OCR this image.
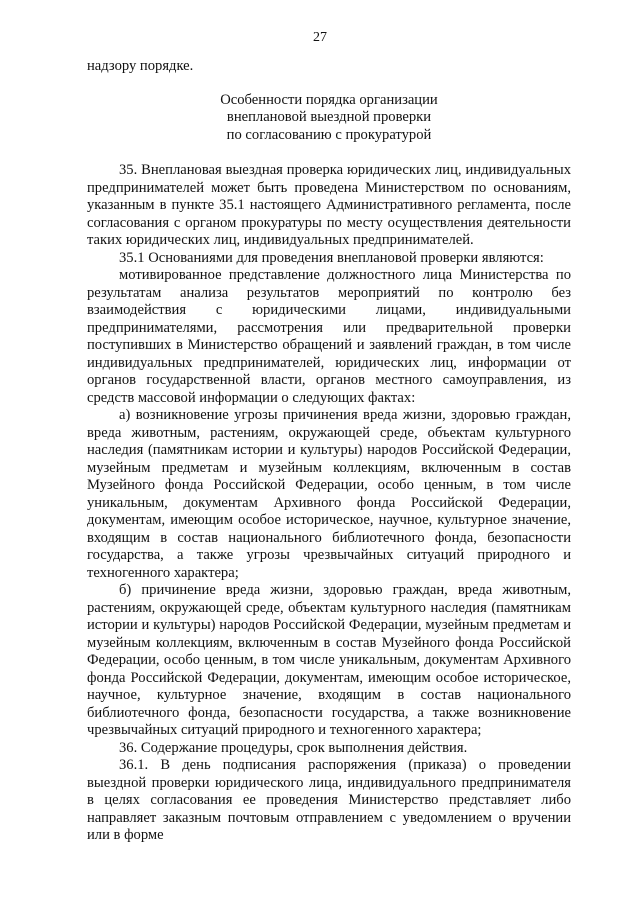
27

надзору порядке.

Особенности порядка организации
внеплановой выездной проверки
по согласованию с прокуратурой

35. Внеплановая выездная проверка юридических лиц, индивидуальных предпринимателей может быть проведена Министерством по основаниям, указанным в пункте 35.1 настоящего Административного регламента, после согласования с органом прокуратуры по месту осуществления деятельности таких юридических лиц, индивидуальных предпринимателей.

35.1 Основаниями для проведения внеплановой проверки являются:

мотивированное представление должностного лица Министерства по результатам анализа результатов мероприятий по контролю без взаимодействия с юридическими лицами, индивидуальными предпринимателями, рассмотрения или предварительной проверки поступивших в Министерство обращений и заявлений граждан, в том числе индивидуальных предпринимателей, юридических лиц, информации от органов государственной власти, органов местного самоуправления, из средств массовой информации о следующих фактах:

а) возникновение угрозы причинения вреда жизни, здоровью граждан, вреда животным, растениям, окружающей среде, объектам культурного наследия (памятникам истории и культуры) народов Российской Федерации, музейным предметам и музейным коллекциям, включенным в состав Музейного фонда Российской Федерации, особо ценным, в том числе уникальным, документам Архивного фонда Российской Федерации, документам, имеющим особое историческое, научное, культурное значение, входящим в состав национального библиотечного фонда, безопасности государства, а также угрозы чрезвычайных ситуаций природного и техногенного характера;

б) причинение вреда жизни, здоровью граждан, вреда животным, растениям, окружающей среде, объектам культурного наследия (памятникам истории и культуры) народов Российской Федерации, музейным предметам и музейным коллекциям, включенным в состав Музейного фонда Российской Федерации, особо ценным, в том числе уникальным, документам Архивного фонда Российской Федерации, документам, имеющим особое историческое, научное, культурное значение, входящим в состав национального библиотечного фонда, безопасности государства, а также возникновение чрезвычайных ситуаций природного и техногенного характера;

36. Содержание процедуры, срок выполнения действия.

36.1. В день подписания распоряжения (приказа) о проведении выездной проверки юридического лица, индивидуального предпринимателя в целях согласования ее проведения Министерство представляет либо направляет заказным почтовым отправлением с уведомлением о вручении или в форме
